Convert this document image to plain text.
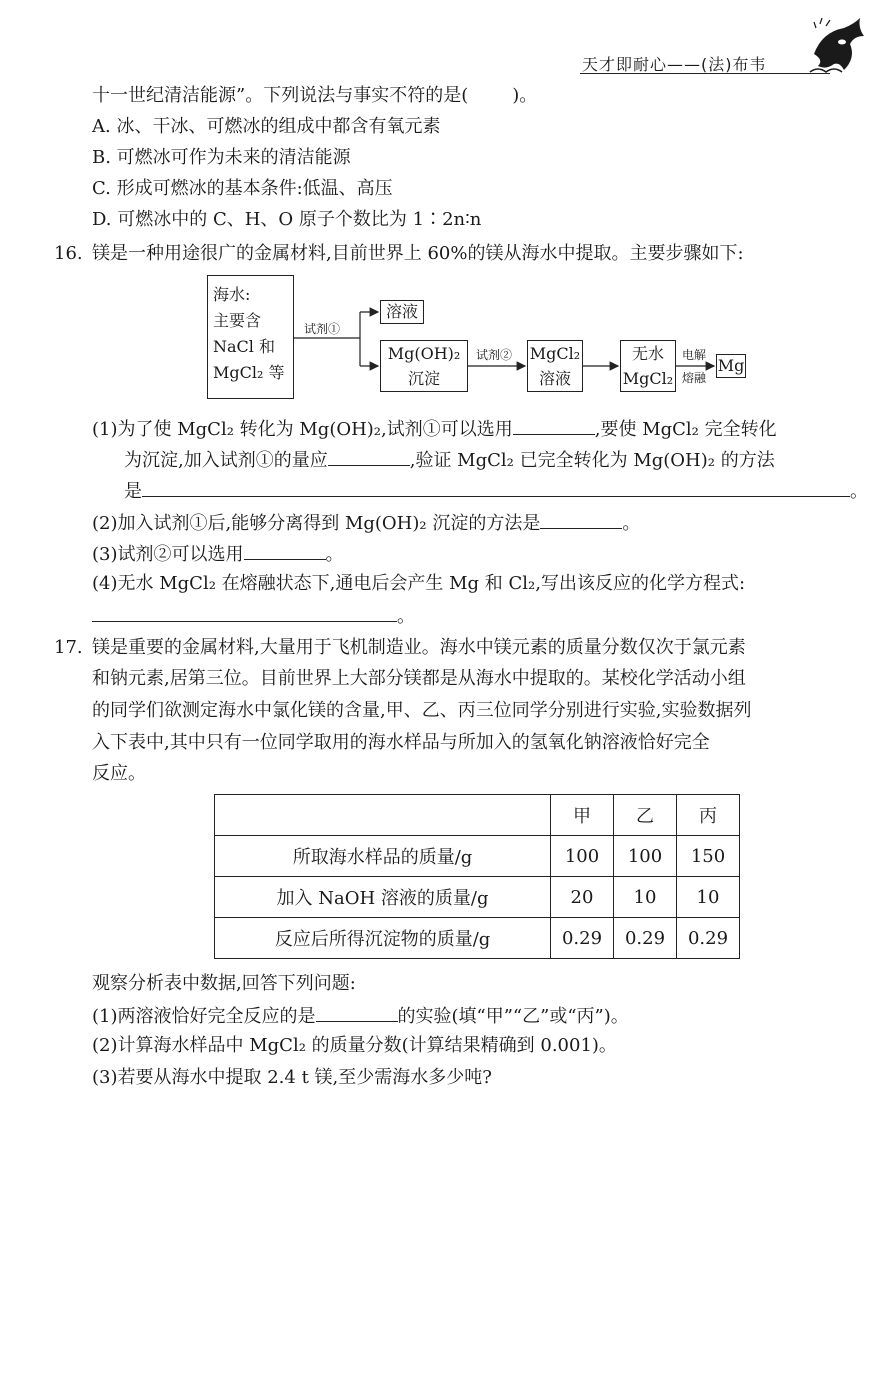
天才即耐心——(法)布韦
十一世纪清洁能源”。下列说法与事实不符的是( )。
A. 冰、干冰、可燃冰的组成中都含有氧元素
B. 可燃冰可作为未来的清洁能源
C. 形成可燃冰的基本条件:低温、高压
D. 可燃冰中的 C、H、O 原子个数比为 1∶2n∶n
16. 镁是一种用途很广的金属材料,目前世界上 60%的镁从海水中提取。主要步骤如下:
海水:
主要含
NaCl 和
MgCl₂ 等
试剂①
溶液
Mg(OH)₂
沉淀
试剂② MgCl₂
溶液
无水
MgCl₂
电解
熔融
Mg
(1)为了使 MgCl₂ 转化为 Mg(OH)₂,试剂①可以选用	,要使 MgCl₂ 完全转化
为沉淀,加入试剂①的量应	,验证 MgCl₂ 已完全转化为 Mg(OH)₂ 的方法
是	。
(2)加入试剂①后,能够分离得到 Mg(OH)₂ 沉淀的方法是	。
(3)试剂②可以选用	。
(4)无水 MgCl₂ 在熔融状态下,通电后会产生 Mg 和 Cl₂,写出该反应的化学方程式:
。
17. 镁是重要的金属材料,大量用于飞机制造业。海水中镁元素的质量分数仅次于氯元素
和钠元素,居第三位。目前世界上大部分镁都是从海水中提取的。某校化学活动小组
的同学们欲测定海水中氯化镁的含量,甲、乙、丙三位同学分别进行实验,实验数据列
入下表中,其中只有一位同学取用的海水样品与所加入的氢氧化钠溶液恰好完全
反应。
	甲	乙	丙
所取海水样品的质量/g	100	100	150
加入 NaOH 溶液的质量/g	20	10	10
反应后所得沉淀物的质量/g	0.29	0.29	0.29
观察分析表中数据,回答下列问题:
(1)两溶液恰好完全反应的是	的实验(填“甲”“乙”或“丙”)。
(2)计算海水样品中 MgCl₂ 的质量分数(计算结果精确到 0.001)。
(3)若要从海水中提取 2.4 t 镁,至少需海水多少吨?
